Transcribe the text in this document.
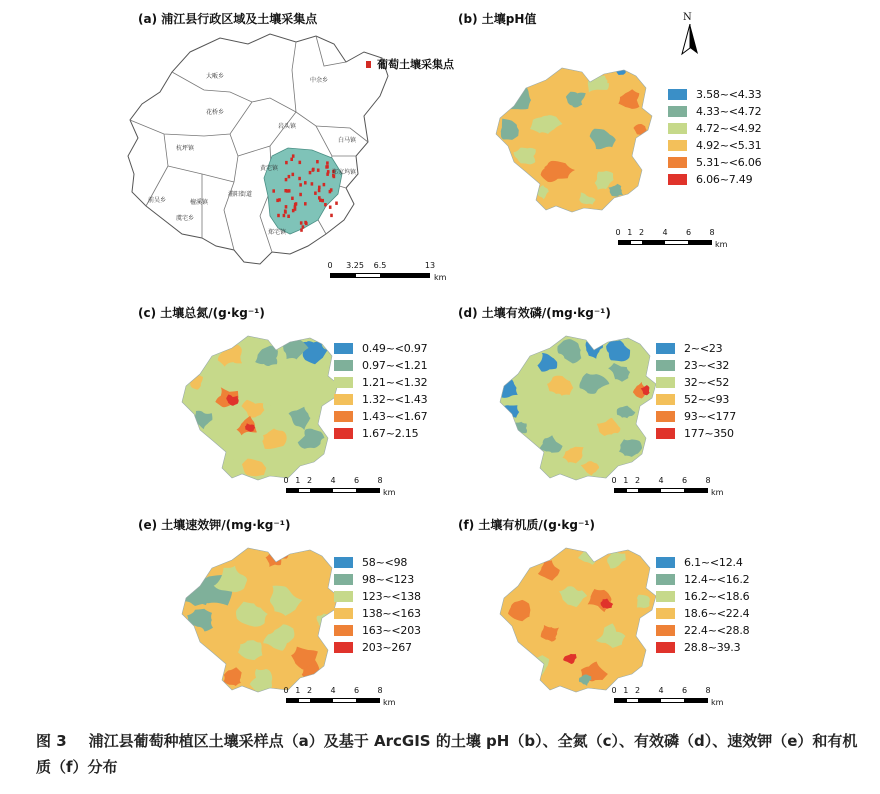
(a) 浦江县行政区域及土壤采集点
大畈乡
中余乡
花桥乡
杭坪镇
岩头镇
黄宅镇
白马镇
前吴乡
浦阳街道
郑家坞镇
檀溪镇
虞宅乡
郑宅镇
葡萄土壤采集点
0 3.25 6.5	13
km
(b) 土壤pH值	N
3.58~<4.33
4.33~<4.72
4.72~<4.92
4.92~<5.31
5.31~<6.06
6.06~7.49
0 1 2 4 6 8
km
(c) 土壤总氮/(g·kg⁻¹)
0.49~<0.97
0.97~<1.21
1.21~<1.32
1.32~<1.43
1.43~<1.67
1.67~2.15
0 1 2 4 6 8
km
(d) 土壤有效磷/(mg·kg⁻¹)
2~<23
23~<32
32~<52
52~<93
93~<177
177~350
0 1 2 4 6 8
km
(e) 土壤速效钾/(mg·kg⁻¹)
58~<98
98~<123
123~<138
138~<163
163~<203
203~267
0 1 2 4 6 8
km
(f) 土壤有机质/(g·kg⁻¹)
6.1~<12.4
12.4~<16.2
16.2~<18.6
18.6~<22.4
22.4~<28.8
28.8~39.3
0 1 2 4 6 8
km
图 3 浦江县葡萄种植区土壤采样点（a）及基于 ArcGIS 的土壤 pH（b）、全氮（c）、有效磷（d）、速效钾（e）和有机质（f）分布
